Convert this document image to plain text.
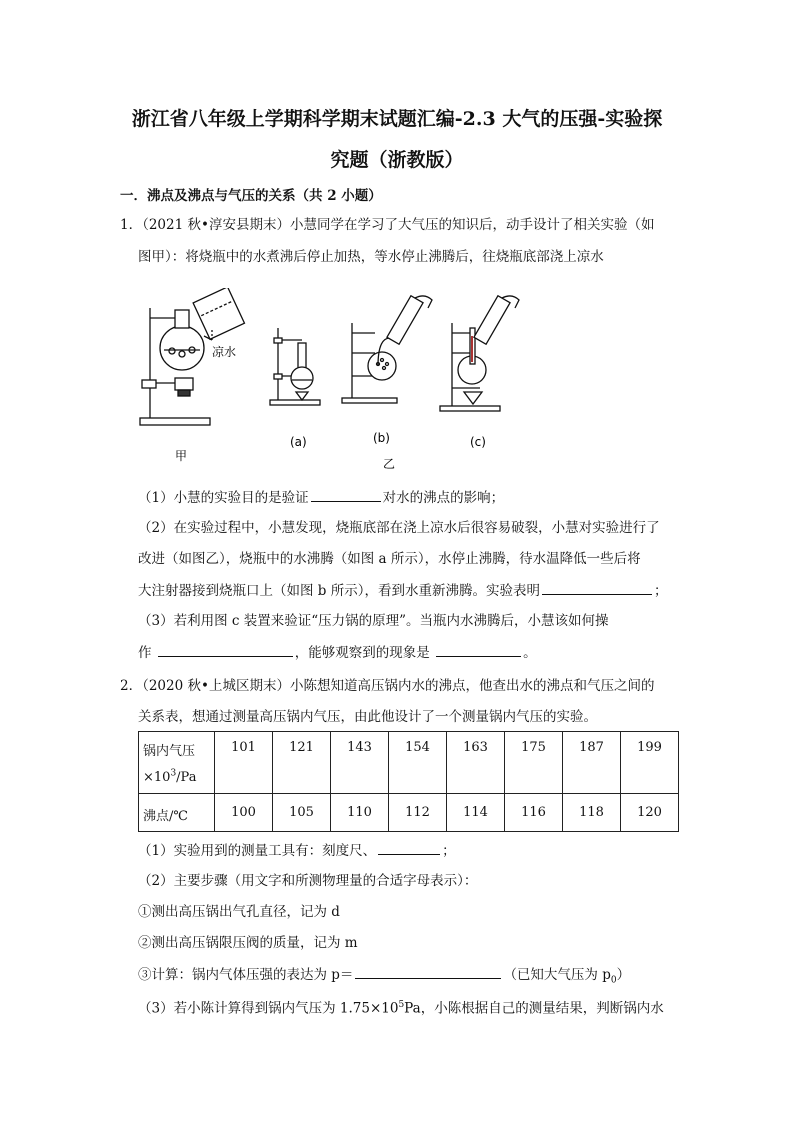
浙江省八年级上学期科学期末试题汇编-2.3 大气的压强-实验探
究题（浙教版）
一．沸点及沸点与气压的关系（共 2 小题）
1．（2021 秋•淳安县期末）小慧同学在学习了大气压的知识后，动手设计了相关实验（如
图甲）：将烧瓶中的水煮沸后停止加热，等水停止沸腾后，往烧瓶底部浇上凉水
凉水
甲
(a)	(b)	(c)
乙
（1）小慧的实验目的是验证	对水的沸点的影响；
（2）在实验过程中，小慧发现，烧瓶底部在浇上凉水后很容易破裂，小慧对实验进行了
改进（如图乙），烧瓶中的水沸腾（如图 a 所示），水停止沸腾，待水温降低一些后将
大注射器接到烧瓶口上（如图 b 所示），看到水重新沸腾。实验表明	；
（3）若利用图 c 装置来验证“压力锅的原理”。当瓶内水沸腾后，小慧该如何操
作	，能够观察到的现象是	。
2．（2020 秋•上城区期末）小陈想知道高压锅内水的沸点，他查出水的沸点和气压之间的
关系表，想通过测量高压锅内气压，由此他设计了一个测量锅内气压的实验。
锅内气压
$\times 10^3/Pa$	101	121	143	154	163	175	187	199
沸点/℃	100	105	110	112	114	116	118	120
（1）实验用到的测量工具有：刻度尺、	；
（2）主要步骤（用文字和所测物理量的合适字母表示）：
①测出高压锅出气孔直径，记为 d
②测出高压锅限压阀的质量，记为 m
③计算：锅内气体压强的表达为 p＝	（已知大气压为 $p_0$）
（3）若小陈计算得到锅内气压为 $1.75\times 10^5Pa$，小陈根据自己的测量结果，判断锅内水
